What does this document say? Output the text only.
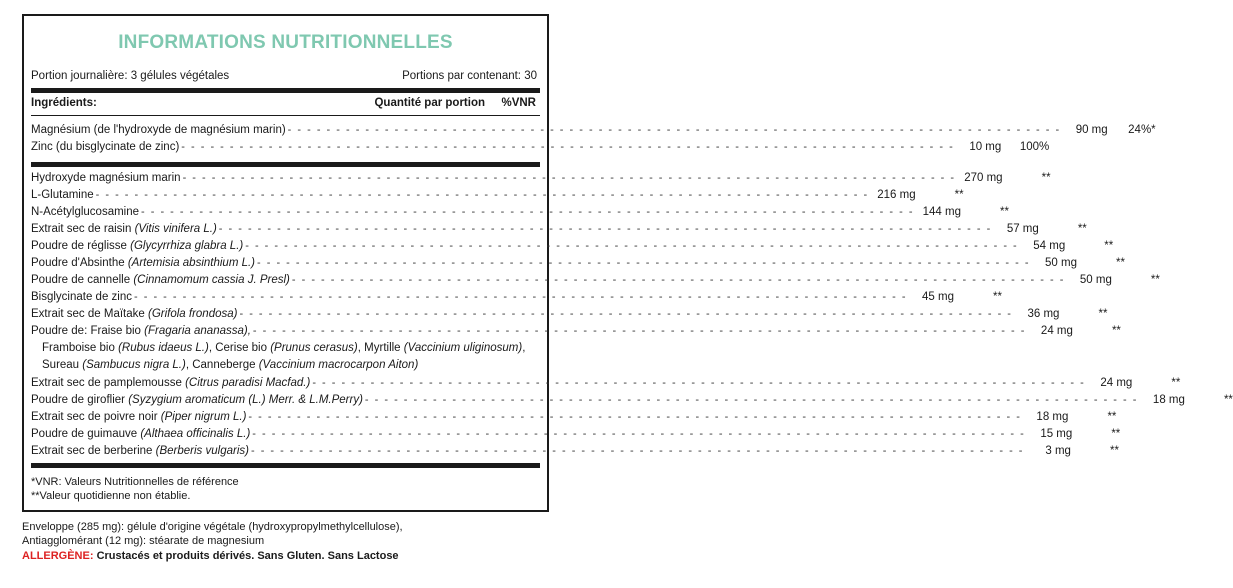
INFORMATIONS NUTRITIONNELLES
Portion journalière: 3 gélules végétales	Portions par contenant: 30
Ingrédients:	Quantité par portion %VNR
Magnésium (de l'hydroxyde de magnésium marin) - - - - - - - - - - - - - - - - - - - - - - - - - - - - - - - - - - - - - - - - - - - - - - - - - - - - - - - - - - - - - - - - - - - - - - - - - - - - - - - -	90 mg	24%*
Zinc (du bisglycinate de zinc) - - - - - - - - - - - - - - - - - - - - - - - - - - - - - - - - - - - - - - - - - - - - - - - - - - - - - - - - - - - - - - - - - - - - - - - - - - - - - - - -	10 mg	100%
Hydroxyde magnésium marin - - - - - - - - - - - - - - - - - - - - - - - - - - - - - - - - - - - - - - - - - - - - - - - - - - - - - - - - - - - - - - - - - - - - - - - - - - - - - - - - 270 mg	**
L-Glutamine - - - - - - - - - - - - - - - - - - - - - - - - - - - - - - - - - - - - - - - - - - - - - - - - - - - - - - - - - - - - - - - - - - - - - - - - - - - - - - - - 216 mg	**
N-Acétylglucosamine - - - - - - - - - - - - - - - - - - - - - - - - - - - - - - - - - - - - - - - - - - - - - - - - - - - - - - - - - - - - - - - - - - - - - - - - - - - - - - - - 144 mg	**
Extrait sec de raisin (Vitis vinifera L.) - - - - - - - - - - - - - - - - - - - - - - - - - - - - - - - - - - - - - - - - - - - - - - - - - - - - - - - - - - - - - - - - - - - - - - - - - - - - - - - -	57 mg	**
Poudre de réglisse (Glycyrrhiza glabra L.) - - - - - - - - - - - - - - - - - - - - - - - - - - - - - - - - - - - - - - - - - - - - - - - - - - - - - - - - - - - - - - - - - - - - - - - - - - - - - - - -	54 mg	**
Poudre d'Absinthe (Artemisia absinthium L.) - - - - - - - - - - - - - - - - - - - - - - - - - - - - - - - - - - - - - - - - - - - - - - - - - - - - - - - - - - - - - - - - - - - - - - - - - - - - - - - -	50 mg	**
Poudre de cannelle (Cinnamomum cassia J. Presl) - - - - - - - - - - - - - - - - - - - - - - - - - - - - - - - - - - - - - - - - - - - - - - - - - - - - - - - - - - - - - - - - - - - - - - - - - - - - - - - -	50 mg	**
Bisglycinate de zinc - - - - - - - - - - - - - - - - - - - - - - - - - - - - - - - - - - - - - - - - - - - - - - - - - - - - - - - - - - - - - - - - - - - - - - - - - - - - - - - -	45 mg	**
Extrait sec de Maïtake (Grifola frondosa) - - - - - - - - - - - - - - - - - - - - - - - - - - - - - - - - - - - - - - - - - - - - - - - - - - - - - - - - - - - - - - - - - - - - - - - - - - - - - - - -	36 mg	**
Poudre de: Fraise bio (Fragaria ananassa), - - - - - - - - - - - - - - - - - - - - - - - - - - - - - - - - - - - - - - - - - - - - - - - - - - - - - - - - - - - - - - - - - - - - - - - - - - - - - - - -	24 mg	**
Framboise bio (Rubus idaeus L.), Cerise bio (Prunus cerasus), Myrtille (Vaccinium uliginosum),
Sureau (Sambucus nigra L.), Canneberge (Vaccinium macrocarpon Aiton)
Extrait sec de pamplemousse (Citrus paradisi Macfad.) - - - - - - - - - - - - - - - - - - - - - - - - - - - - - - - - - - - - - - - - - - - - - - - - - - - - - - - - - - - - - - - - - - - - - - - - - - - - - - - -	24 mg	**
Poudre de giroflier (Syzygium aromaticum (L.) Merr. & L.M.Perry) - - - - - - - - - - - - - - - - - - - - - - - - - - - - - - - - - - - - - - - - - - - - - - - - - - - - - - - - - - - - - - - - - - - - - - - - - - - - - - - -	18 mg	**
Extrait sec de poivre noir (Piper nigrum L.) - - - - - - - - - - - - - - - - - - - - - - - - - - - - - - - - - - - - - - - - - - - - - - - - - - - - - - - - - - - - - - - - - - - - - - - - - - - - - - - -	18 mg	**
Poudre de guimauve (Althaea officinalis L.) - - - - - - - - - - - - - - - - - - - - - - - - - - - - - - - - - - - - - - - - - - - - - - - - - - - - - - - - - - - - - - - - - - - - - - - - - - - - - - - -	15 mg	**
Extrait sec de berberine (Berberis vulgaris) - - - - - - - - - - - - - - - - - - - - - - - - - - - - - - - - - - - - - - - - - - - - - - - - - - - - - - - - - - - - - - - - - - - - - - - - - - - - - - - -	3 mg	**
*VNR: Valeurs Nutritionnelles de référence
**Valeur quotidienne non établie.
Enveloppe (285 mg): gélule d'origine végétale (hydroxypropylmethylcellulose),
Antiagglomérant (12 mg): stéarate de magnesium
ALLERGÈNE: Crustacés et produits dérivés. Sans Gluten. Sans Lactose
